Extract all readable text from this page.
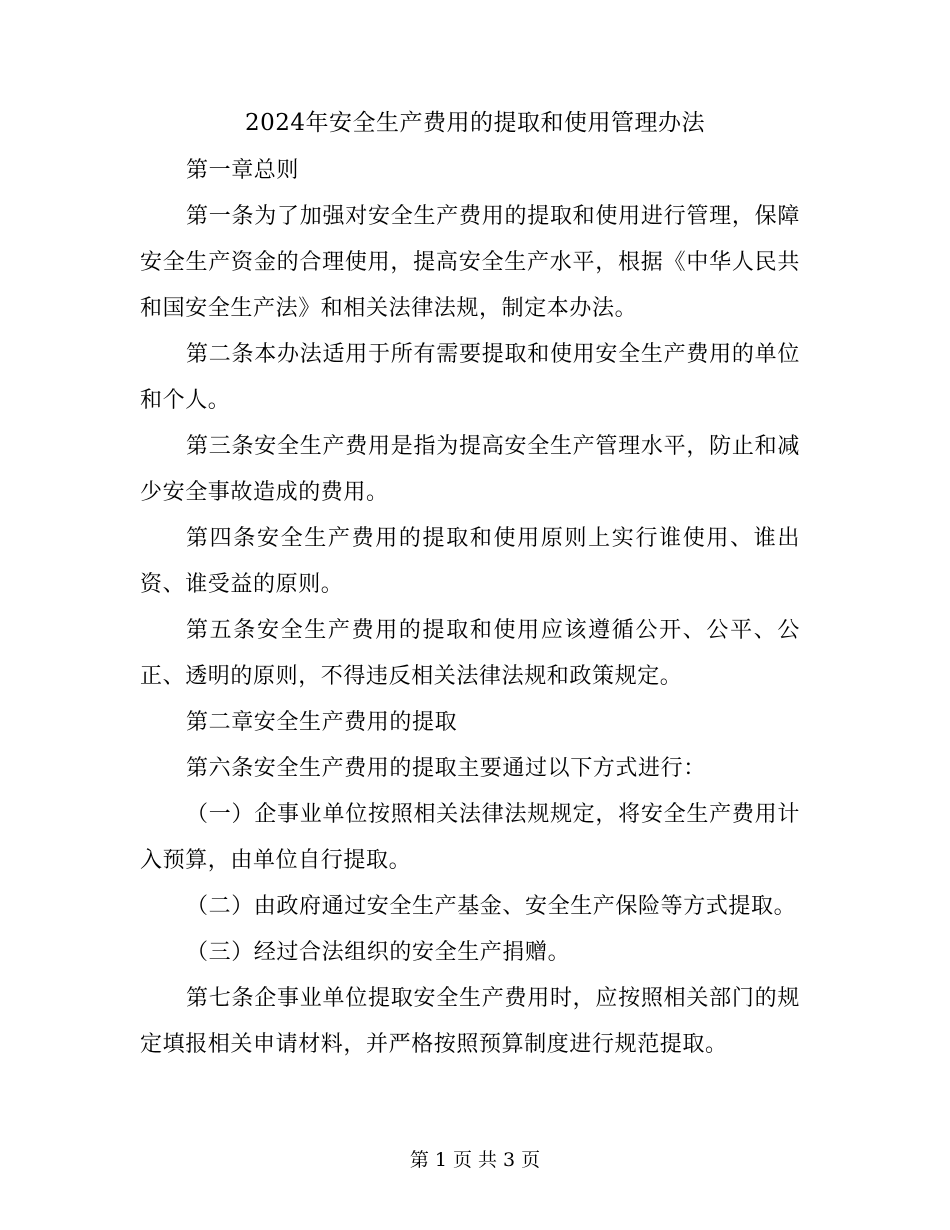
2024年安全生产费用的提取和使用管理办法

第一章总则

第一条为了加强对安全生产费用的提取和使用进行管理，保障安全生产资金的合理使用，提高安全生产水平，根据《中华人民共和国安全生产法》和相关法律法规，制定本办法。

第二条本办法适用于所有需要提取和使用安全生产费用的单位和个人。

第三条安全生产费用是指为提高安全生产管理水平，防止和减少安全事故造成的费用。

第四条安全生产费用的提取和使用原则上实行谁使用、谁出资、谁受益的原则。

第五条安全生产费用的提取和使用应该遵循公开、公平、公正、透明的原则，不得违反相关法律法规和政策规定。

第二章安全生产费用的提取

第六条安全生产费用的提取主要通过以下方式进行：

（一）企事业单位按照相关法律法规规定，将安全生产费用计入预算，由单位自行提取。

（二）由政府通过安全生产基金、安全生产保险等方式提取。

（三）经过合法组织的安全生产捐赠。

第七条企事业单位提取安全生产费用时，应按照相关部门的规定填报相关申请材料，并严格按照预算制度进行规范提取。

第 1 页 共 3 页
